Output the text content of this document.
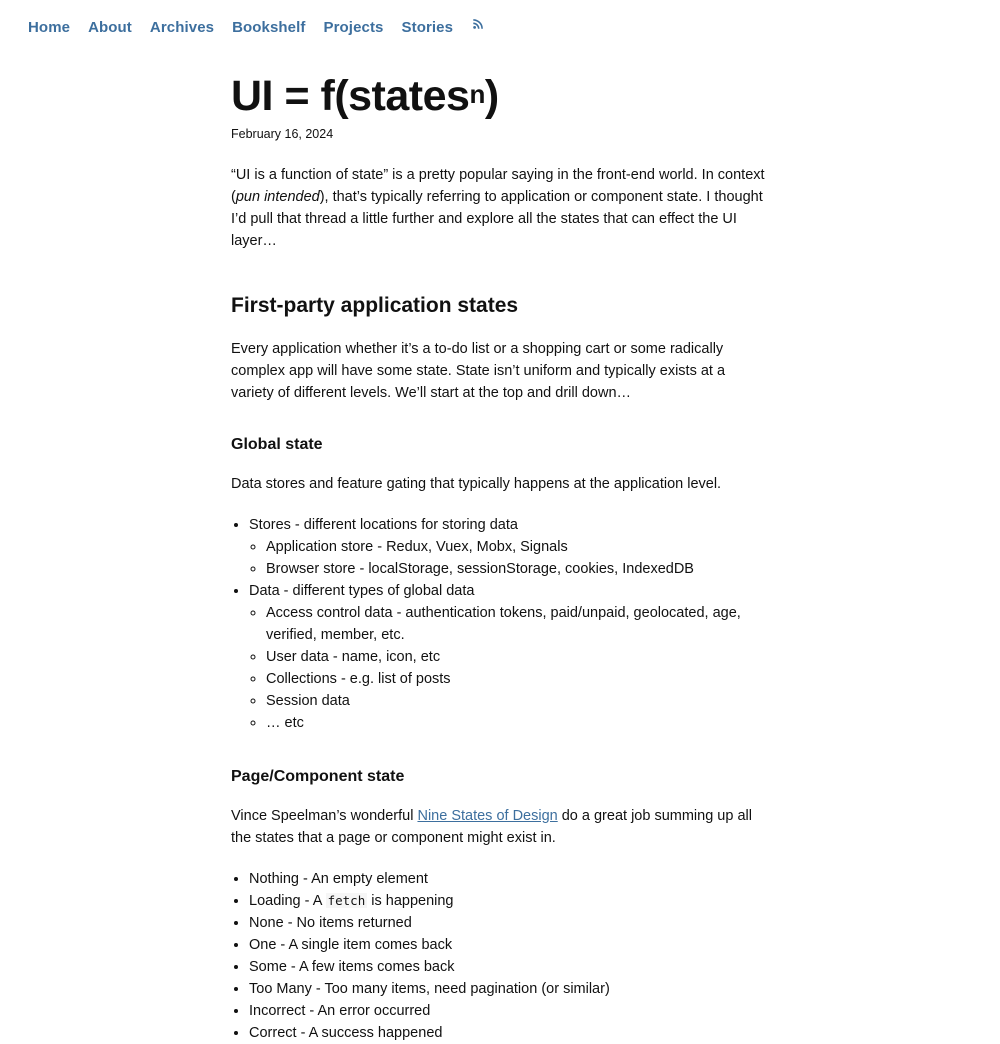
Home About Archives Bookshelf Projects Stories
UI = f(states$^n$)
February 16, 2024

“UI is a function of state” is a pretty popular saying in the front-end world. In context (pun intended), that’s typically referring to application or component state. I thought I’d pull that thread a little further and explore all the states that can effect the UI layer…

First-party application states

Every application whether it’s a to-do list or a shopping cart or some radically complex app will have some state. State isn’t uniform and typically exists at a variety of different levels. We’ll start at the top and drill down…

Global state

Data stores and feature gating that typically happens at the application level.

• Stores - different locations for storing data
◦ Application store - Redux, Vuex, Mobx, Signals
◦ Browser store - localStorage, sessionStorage, cookies, IndexedDB
• Data - different types of global data
◦ Access control data - authentication tokens, paid/unpaid, geolocated, age, verified, member, etc.
◦ User data - name, icon, etc
◦ Collections - e.g. list of posts
◦ Session data
◦ … etc
Page/Component state

Vince Speelman’s wonderful Nine States of Design do a great job summing up all the states that a page or component might exist in.

• Nothing - An empty element
• Loading - A fetch is happening
• None - No items returned
• One - A single item comes back
• Some - A few items comes back
• Too Many - Too many items, need pagination (or similar)
• Incorrect - An error occurred
• Correct - A success happened
